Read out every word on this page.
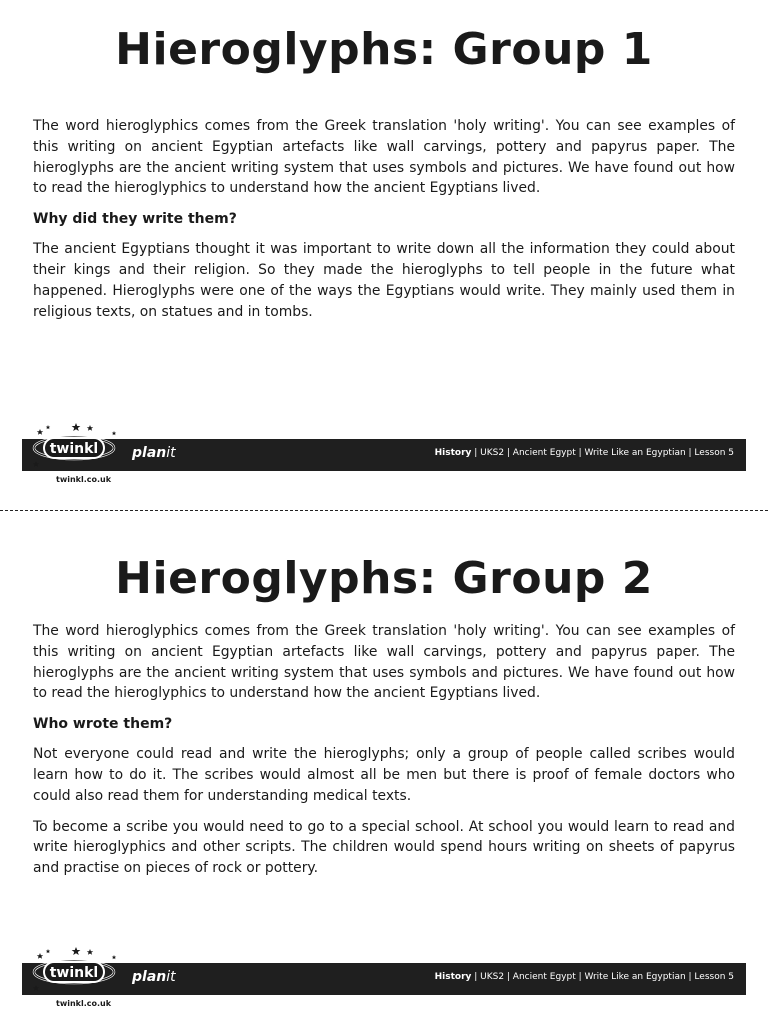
Hieroglyphs: Group 1

The word hieroglyphics comes from the Greek translation 'holy writing'. You can see examples of this writing on ancient Egyptian artefacts like wall carvings, pottery and papyrus paper. The hieroglyphs are the ancient writing system that uses symbols and pictures. We have found out how to read the hieroglyphics to understand how the ancient Egyptians lived.

Why did they write them?

The ancient Egyptians thought it was important to write down all the information they could about their kings and their religion. So they made the hieroglyphs to tell people in the future what happened. Hieroglyphs were one of the ways the Egyptians would write. They mainly used them in religious texts, on statues and in tombs.

twinkl
twinkl.co.uk
planit	History | UKS2 | Ancient Egypt | Write Like an Egyptian | Lesson 5
Hieroglyphs: Group 2

The word hieroglyphics comes from the Greek translation 'holy writing'. You can see examples of this writing on ancient Egyptian artefacts like wall carvings, pottery and papyrus paper. The hieroglyphs are the ancient writing system that uses symbols and pictures. We have found out how to read the hieroglyphics to understand how the ancient Egyptians lived.

Who wrote them?

Not everyone could read and write the hieroglyphs; only a group of people called scribes would learn how to do it. The scribes would almost all be men but there is proof of female doctors who could also read them for understanding medical texts.

To become a scribe you would need to go to a special school. At school you would learn to read and write hieroglyphics and other scripts. The children would spend hours writing on sheets of papyrus and practise on pieces of rock or pottery.

twinkl
twinkl.co.uk
planit	History | UKS2 | Ancient Egypt | Write Like an Egyptian | Lesson 5
